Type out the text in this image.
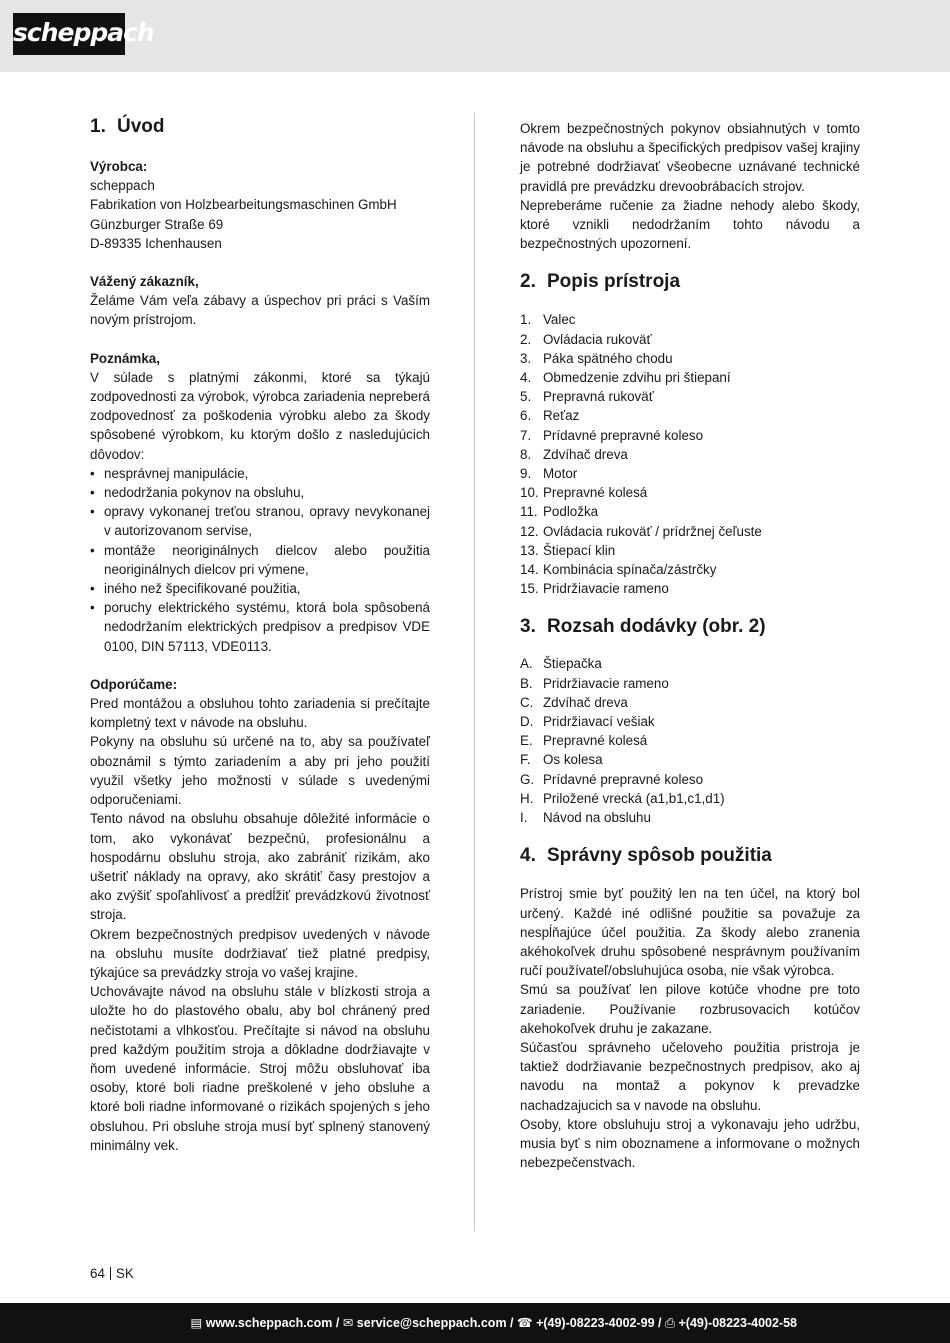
scheppach
1. Úvod

Výrobca:

scheppach

Fabrikation von Holzbearbeitungsmaschinen GmbH

Günzburger Straße 69

D-89335 Ichenhausen

Vážený zákazník,

Želáme Vám veľa zábavy a úspechov pri práci s Vaším novým prístrojom.

Poznámka,

V súlade s platnými zákonmi, ktoré sa týkajú zodpovednosti za výrobok, výrobca zariadenia nepreberá zodpovednosť za poškodenia výrobku alebo za škody spôsobené výrobkom, ku ktorým došlo z nasledujúcich dôvodov:

• nesprávnej manipulácie,
• nedodržania pokynov na obsluhu,
• opravy vykonanej treťou stranou, opravy nevykonanej v autorizovanom servise,
• montáže neoriginálnych dielcov alebo použitia neoriginálnych dielcov pri výmene,
• iného než špecifikované použitia,
• poruchy elektrického systému, ktorá bola spôsobená nedodržaním elektrických predpisov a predpisov VDE 0100, DIN 57113, VDE0113.

Odporúčame:

Pred montážou a obsluhou tohto zariadenia si prečítajte kompletný text v návode na obsluhu.

Pokyny na obsluhu sú určené na to, aby sa používateľ oboznámil s týmto zariadením a aby pri jeho použití využil všetky jeho možnosti v súlade s uvedenými odporučeniami.

Tento návod na obsluhu obsahuje dôležité informácie o tom, ako vykonávať bezpečnú, profesionálnu a hospodárnu obsluhu stroja, ako zabrániť rizikám, ako ušetriť náklady na opravy, ako skrátiť časy prestojov a ako zvýšiť spoľahlivosť a predĺžiť prevádzkovú životnosť stroja.

Okrem bezpečnostných predpisov uvedených v návode na obsluhu musíte dodržiavať tiež platné predpisy, týkajúce sa prevádzky stroja vo vašej krajine.

Uchovávajte návod na obsluhu stále v blízkosti stroja a uložte ho do plastového obalu, aby bol chránený pred nečistotami a vlhkosťou. Prečítajte si návod na obsluhu pred každým použitím stroja a dôkladne dodržiavajte v ňom uvedené informácie. Stroj môžu obsluhovať iba osoby, ktoré boli riadne preškolené v jeho obsluhe a ktoré boli riadne informované o rizikách spojených s jeho obsluhou. Pri obsluhe stroja musí byť splnený stanovený minimálny vek.

Okrem bezpečnostných pokynov obsiahnutých v tomto návode na obsluhu a špecifických predpisov vašej krajiny je potrebné dodržiavať všeobecne uznávané technické pravidlá pre prevádzku drevoobrábacích strojov.

Nepreberáme ručenie za žiadne nehody alebo škody, ktoré vznikli nedodržaním tohto návodu a bezpečnostných upozornení.

2. Popis prístroja
1. Valec
2. Ovládacia rukoväť
3. Páka spätného chodu
4. Obmedzenie zdvihu pri štiepaní
5. Prepravná rukoväť
6. Reťaz
7. Prídavné prepravné koleso
8. Zdvíhač dreva
9. Motor
10. Prepravné kolesá
11. Podložka
12. Ovládacia rukoväť / prídržnej čeľuste
13. Štiepací klin
14. Kombinácia spínača/zástrčky
15. Pridržiavacie rameno
3. Rozsah dodávky (obr. 2)
A. Štiepačka
B. Pridržiavacie rameno
C. Zdvíhač dreva
D. Pridržiavací vešiak
E. Prepravné kolesá
F. Os kolesa
G. Prídavné prepravné koleso
H. Priložené vrecká (a1,b1,c1,d1)
I. Návod na obsluhu
4. Správny spôsob použitia

Prístroj smie byť použitý len na ten účel, na ktorý bol určený. Každé iné odlišné použitie sa považuje za nespĺňajúce účel použitia. Za škody alebo zranenia akéhokoľvek druhu spôsobené nesprávnym používaním ručí používateľ/obsluhujúca osoba, nie však výrobca.

Smú sa používať len pilove kotúče vhodne pre toto zariadenie. Používanie rozbrusovacich kotúčov akehokoľvek druhu je zakazane.

Súčasťou správneho učeloveho použitia pristroja je taktiež dodržiavanie bezpečnostnych predpisov, ako aj navodu na montaž a pokynov k prevadzke nachadzajucich sa v navode na obsluhu.

Osoby, ktore obsluhuju stroj a vykonavaju jeho udržbu, musia byť s nim oboznamene a informovane o možnych nebezpečenstvach.

64 SK
▤ www.scheppach.com / ✉ service@scheppach.com / ☎ +(49)-08223-4002-99 / ⎙ +(49)-08223-4002-58
